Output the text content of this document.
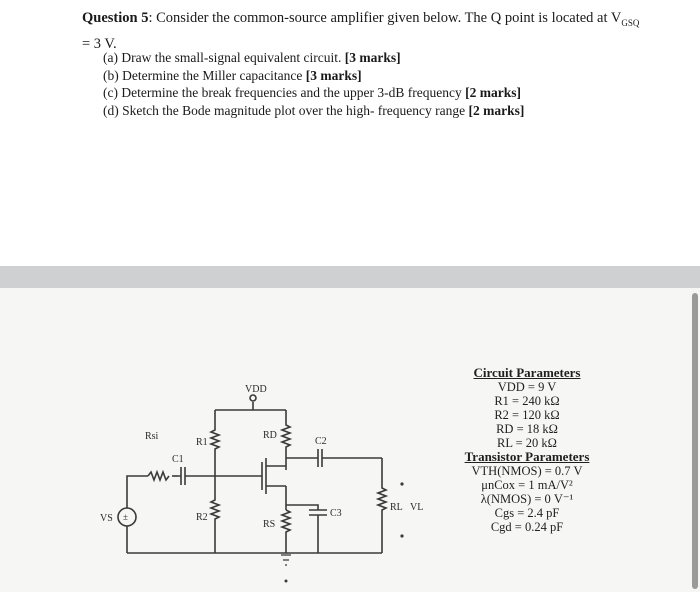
Question 5: Consider the common-source amplifier given below. The Q point is located at $V_{GSQ}$
= 3 V.
(a) Draw the small-signal equivalent circuit. [3 marks]
(b) Determine the Miller capacitance [3 marks]
(c) Determine the break frequencies and the upper 3-dB frequency [2 marks]
(d) Sketch the Bode magnitude plot over the high- frequency range [2 marks]
VDD
Rsi
R1
R2
RD
RS
C1
C2
C3
RL VL
VS ±
Circuit Parameters
VDD = 9 V
R1 = 240 kΩ
R2 = 120 kΩ
RD = 18 kΩ
RL = 20 kΩ
Transistor Parameters
VTH(NMOS) = 0.7 V
μnCox = 1 mA/V²
λ(NMOS) = 0 V⁻¹
Cgs = 2.4 pF
Cgd = 0.24 pF
